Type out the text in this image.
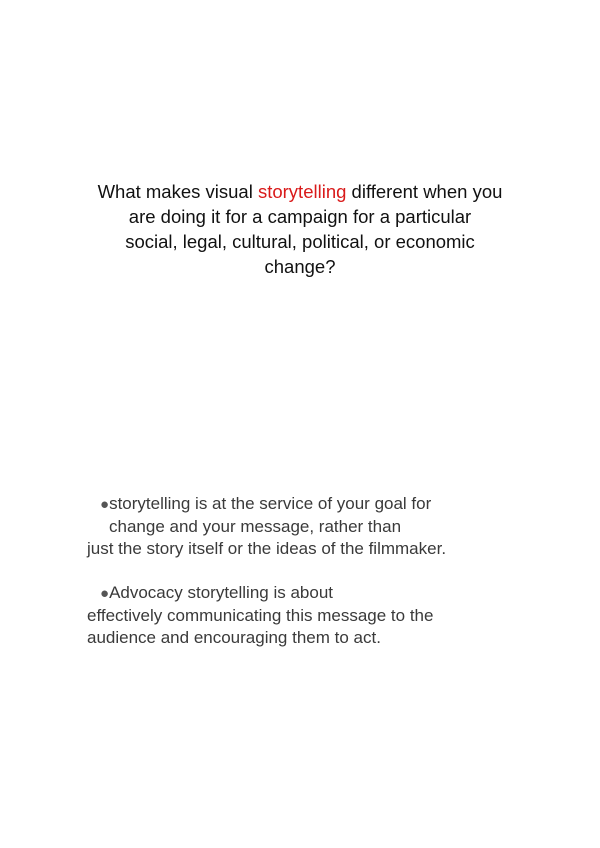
What makes visual storytelling different when you
are doing it for a campaign for a particular
social, legal, cultural, political, or economic
change?

●storytelling is at the service of your goal for
change and your message, rather than
just the story itself or the ideas of the filmmaker.

●Advocacy storytelling is about
effectively communicating this message to the
audience and encouraging them to act.
